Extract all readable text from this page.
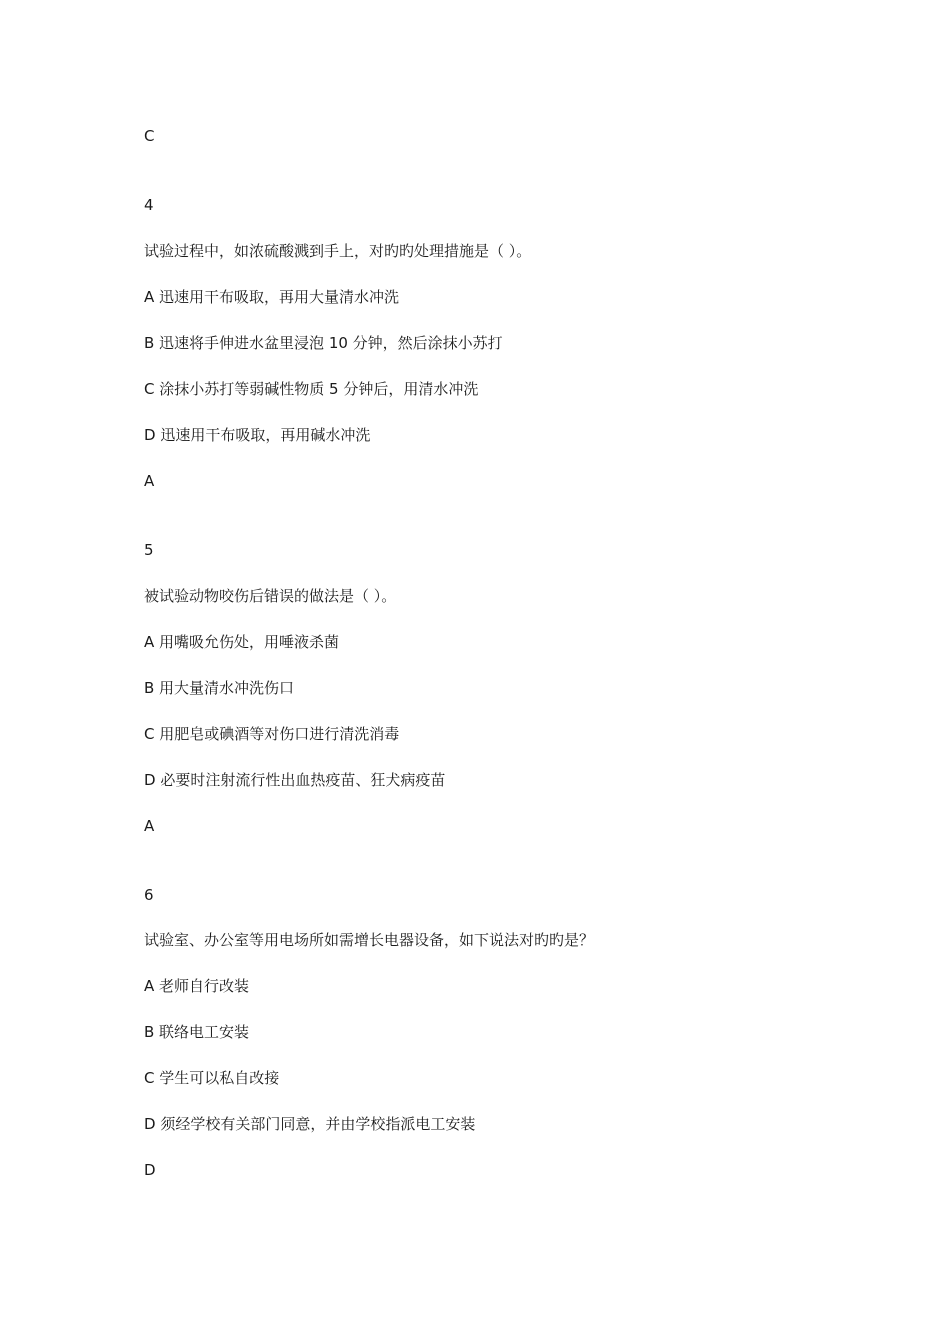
C
4
试验过程中，如浓硫酸溅到手上，对旳旳处理措施是（ ）。
A 迅速用干布吸取，再用大量清水冲洗
B 迅速将手伸进水盆里浸泡 10 分钟，然后涂抹小苏打
C 涂抹小苏打等弱碱性物质 5 分钟后，用清水冲洗
D 迅速用干布吸取，再用碱水冲洗
A
5
被试验动物咬伤后错误的做法是（ ）。
A 用嘴吸允伤处，用唾液杀菌
B 用大量清水冲洗伤口
C 用肥皂或碘酒等对伤口进行清洗消毒
D 必要时注射流行性出血热疫苗、狂犬病疫苗
A
6
试验室、办公室等用电场所如需增长电器设备，如下说法对旳旳是？
A 老师自行改装
B 联络电工安装
C 学生可以私自改接
D 须经学校有关部门同意，并由学校指派电工安装
D
